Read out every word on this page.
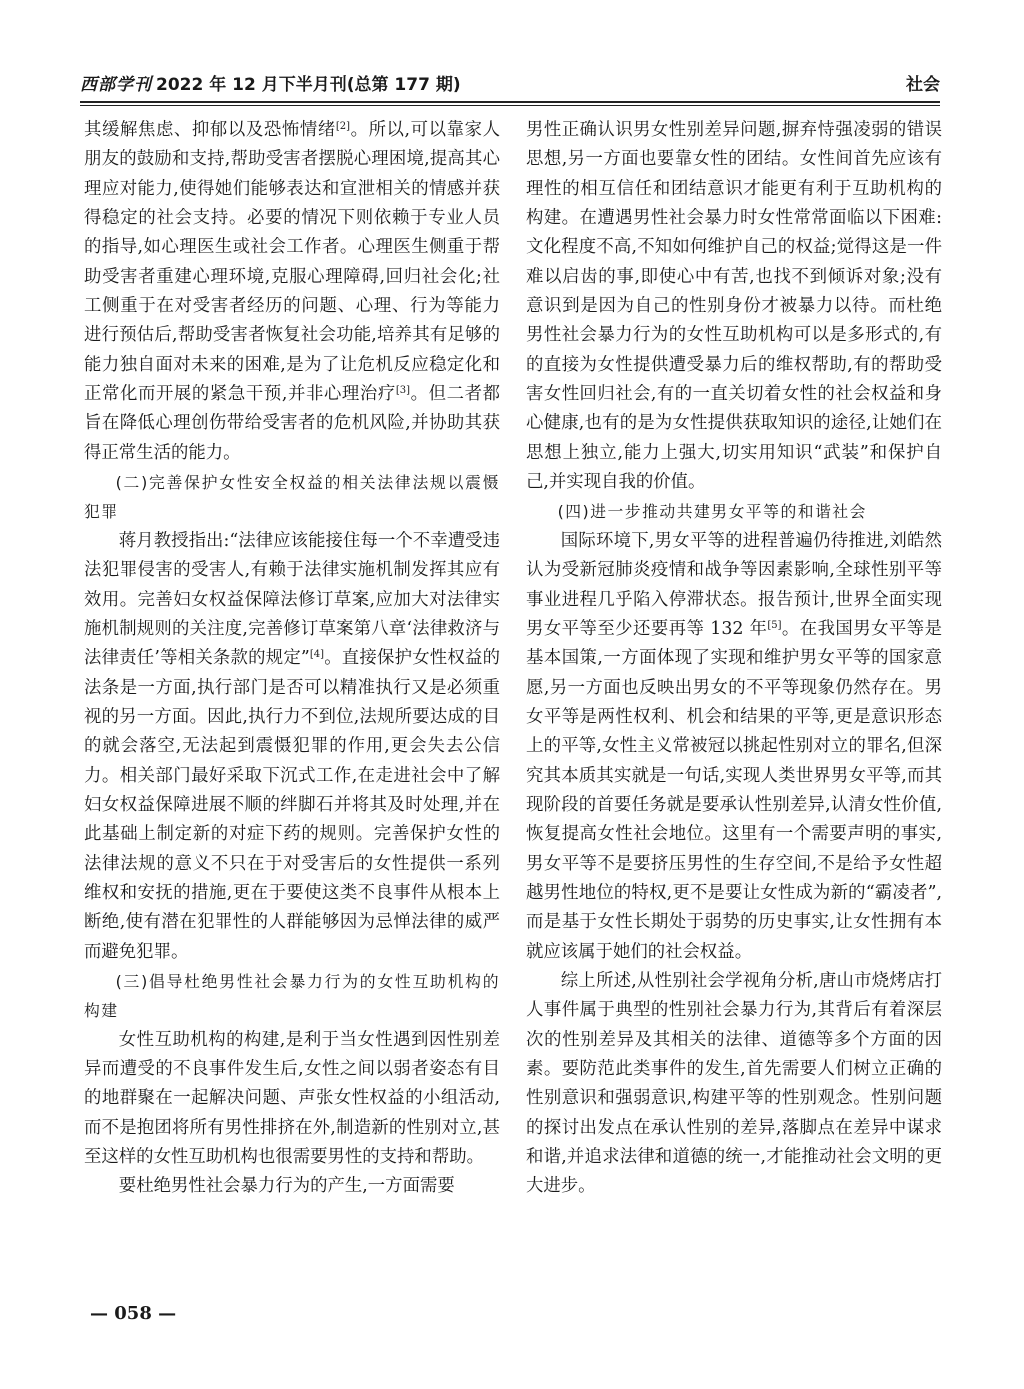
西部学刊 2022 年 12 月下半月刊(总第 177 期)	社会

其缓解焦虑、抑郁以及恐怖情绪[2]。所以,可以靠家人朋友的鼓励和支持,帮助受害者摆脱心理困境,提高其心理应对能力,使得她们能够表达和宣泄相关的情感并获得稳定的社会支持。必要的情况下则依赖于专业人员的指导,如心理医生或社会工作者。心理医生侧重于帮助受害者重建心理环境,克服心理障碍,回归社会化;社工侧重于在对受害者经历的问题、心理、行为等能力进行预估后,帮助受害者恢复社会功能,培养其有足够的能力独自面对未来的困难,是为了让危机反应稳定化和正常化而开展的紧急干预,并非心理治疗[3]。但二者都旨在降低心理创伤带给受害者的危机风险,并协助其获得正常生活的能力。

(二)完善保护女性安全权益的相关法律法规以震慑犯罪

蒋月教授指出:“法律应该能接住每一个不幸遭受违法犯罪侵害的受害人,有赖于法律实施机制发挥其应有效用。完善妇女权益保障法修订草案,应加大对法律实施机制规则的关注度,完善修订草案第八章‘法律救济与法律责任’等相关条款的规定”[4]。直接保护女性权益的法条是一方面,执行部门是否可以精准执行又是必须重视的另一方面。因此,执行力不到位,法规所要达成的目的就会落空,无法起到震慑犯罪的作用,更会失去公信力。相关部门最好采取下沉式工作,在走进社会中了解妇女权益保障进展不顺的绊脚石并将其及时处理,并在此基础上制定新的对症下药的规则。完善保护女性的法律法规的意义不只在于对受害后的女性提供一系列维权和安抚的措施,更在于要使这类不良事件从根本上断绝,使有潜在犯罪性的人群能够因为忌惮法律的威严而避免犯罪。

(三)倡导杜绝男性社会暴力行为的女性互助机构的构建

女性互助机构的构建,是利于当女性遇到因性别差异而遭受的不良事件发生后,女性之间以弱者姿态有目的地群聚在一起解决问题、声张女性权益的小组活动,而不是抱团将所有男性排挤在外,制造新的性别对立,甚至这样的女性互助机构也很需要男性的支持和帮助。

要杜绝男性社会暴力行为的产生,一方面需要

男性正确认识男女性别差异问题,摒弃恃强凌弱的错误思想,另一方面也要靠女性的团结。女性间首先应该有理性的相互信任和团结意识才能更有利于互助机构的构建。在遭遇男性社会暴力时女性常常面临以下困难:文化程度不高,不知如何维护自己的权益;觉得这是一件难以启齿的事,即使心中有苦,也找不到倾诉对象;没有意识到是因为自己的性别身份才被暴力以待。而杜绝男性社会暴力行为的女性互助机构可以是多形式的,有的直接为女性提供遭受暴力后的维权帮助,有的帮助受害女性回归社会,有的一直关切着女性的社会权益和身心健康,也有的是为女性提供获取知识的途径,让她们在思想上独立,能力上强大,切实用知识“武装”和保护自己,并实现自我的价值。

(四)进一步推动共建男女平等的和谐社会

国际环境下,男女平等的进程普遍仍待推进,刘皓然认为受新冠肺炎疫情和战争等因素影响,全球性别平等事业进程几乎陷入停滞状态。报告预计,世界全面实现男女平等至少还要再等 132 年[5]。在我国男女平等是基本国策,一方面体现了实现和维护男女平等的国家意愿,另一方面也反映出男女的不平等现象仍然存在。男女平等是两性权利、机会和结果的平等,更是意识形态上的平等,女性主义常被冠以挑起性别对立的罪名,但深究其本质其实就是一句话,实现人类世界男女平等,而其现阶段的首要任务就是要承认性别差异,认清女性价值,恢复提高女性社会地位。这里有一个需要声明的事实,男女平等不是要挤压男性的生存空间,不是给予女性超越男性地位的特权,更不是要让女性成为新的“霸凌者”,而是基于女性长期处于弱势的历史事实,让女性拥有本就应该属于她们的社会权益。

综上所述,从性别社会学视角分析,唐山市烧烤店打人事件属于典型的性别社会暴力行为,其背后有着深层次的性别差异及其相关的法律、道德等多个方面的因素。要防范此类事件的发生,首先需要人们树立正确的性别意识和强弱意识,构建平等的性别观念。性别问题的探讨出发点在承认性别的差异,落脚点在差异中谋求和谐,并追求法律和道德的统一,才能推动社会文明的更大进步。

— 058 —
